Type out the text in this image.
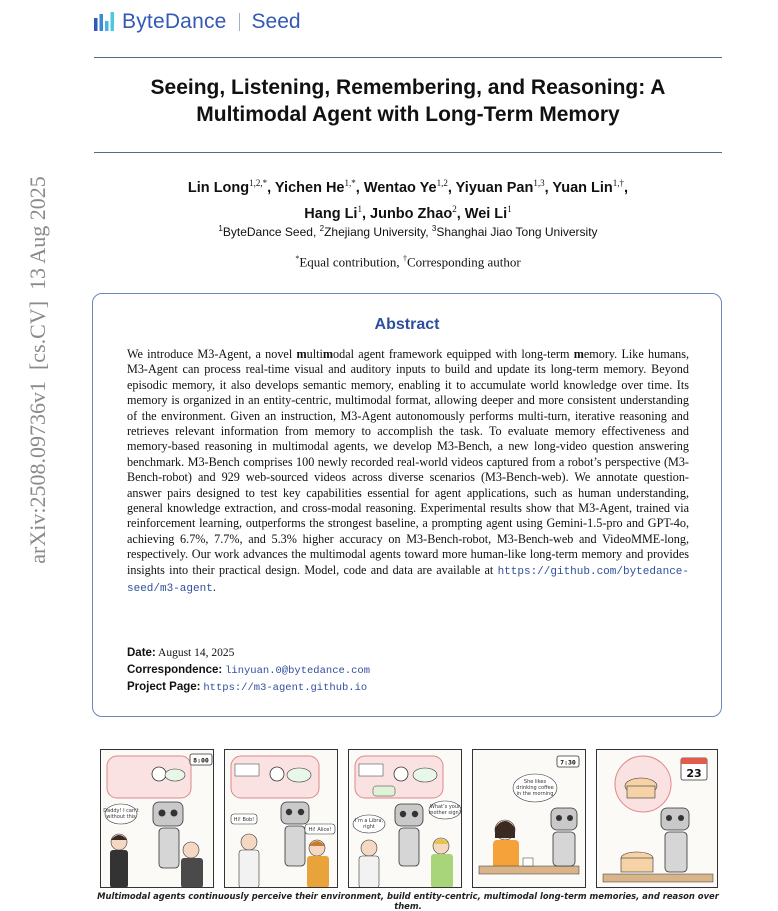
ByteDance Seed
Seeing, Listening, Remembering, and Reasoning: A
Multimodal Agent with Long-Term Memory
Lin Long$^{1,2,*}$, Yichen $He^{1,*}$, Wentao Ye$^{1,2}$, Yiyuan Pan$^{1,3}$, Yuan Lin$^{1,\dagger}$,
Hang Li$^1$, Junbo Zhao$^2$, Wei Li$^1$
$^1$ByteDance Seed, $^2$Zhejiang University, $^3$Shanghai Jiao Tong University
*Equal contribution, †Corresponding author
arXiv:2508.09736v1  [cs.CV]  13 Aug 2025	Abstract
We introduce M3-Agent, a novel multimodal agent framework equipped with long-term memory. Like humans, M3-Agent can process real-time visual and auditory inputs to build and update its long-term memory. Beyond episodic memory, it also develops semantic memory, enabling it to accumulate world knowledge over time. Its memory is organized in an entity-centric, multimodal format, allowing deeper and more consistent understanding of the environment. Given an instruction, M3-Agent autonomously performs multi-turn, iterative reasoning and retrieves relevant information from memory to accomplish the task. To evaluate memory effectiveness and memory-based reasoning in multimodal agents, we develop M3-Bench, a new long-video question answering benchmark. M3-Bench comprises 100 newly recorded real-world videos captured from a robot’s perspective (M3-Bench-robot) and 929 web-sourced videos across diverse scenarios (M3-Bench-web). We annotate question-answer pairs designed to test key capabilities essential for agent applications, such as human understanding, general knowledge extraction, and cross-modal reasoning. Experimental results show that M3-Agent, trained via reinforcement learning, outperforms the strongest baseline, a prompting agent using Gemini-1.5-pro and GPT-4o, achieving 6.7%, 7.7%, and 5.3% higher accuracy on M3-Bench-robot, M3-Bench-web and VideoMME-long, respectively. Our work advances the multimodal agents toward more human-like long-term memory and provides insights into their practical design. Model, code and data are available at https://github.com/bytedance-seed/m3-agent.
Date: August 14, 2025
Correspondence: linyuan.0@bytedance.com
Project Page: https://m3-agent.github.io
8:00
Daddy! I can’t
without this	Hi! Bob!
Hi! Alice!
What’s your
mother sign?
I’m a Libra,
right
7:30
She likes
drinking coffee
in the morning
23
Multimodal agents continuously perceive their environment, build entity-centric, multimodal long-term memories, and reason over them.
